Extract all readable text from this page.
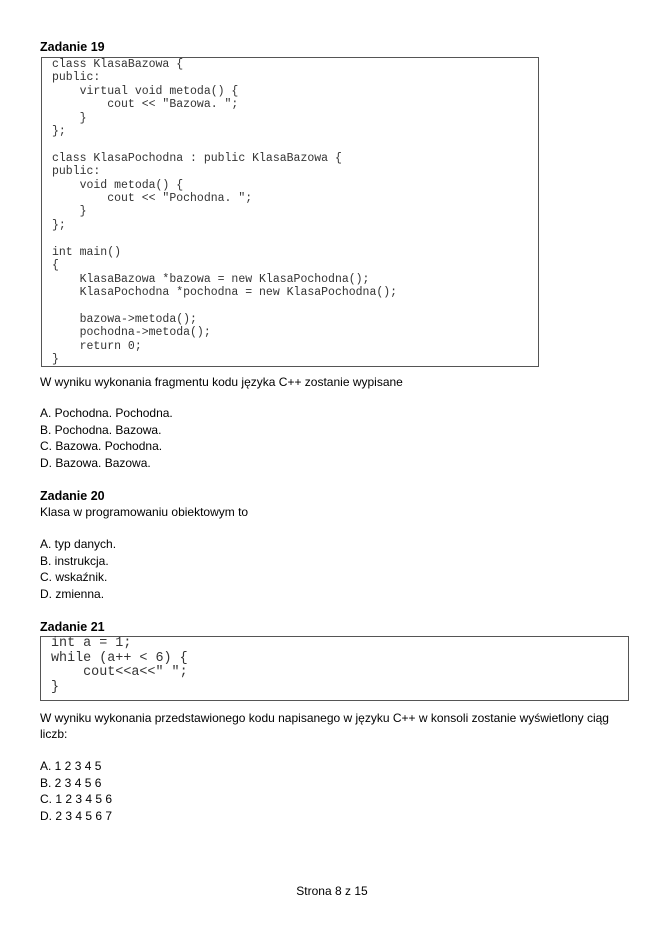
Zadanie 19
class KlasaBazowa {
public:
virtual void metoda() {
cout << "Bazowa. ";
}
};

class KlasaPochodna : public KlasaBazowa {
public:
void metoda() {
cout << "Pochodna. ";
}
};

int main()
{
KlasaBazowa *bazowa = new KlasaPochodna();
KlasaPochodna *pochodna = new KlasaPochodna();

bazowa->metoda();
pochodna->metoda();
return 0;
}
W wyniku wykonania fragmentu kodu języka C++ zostanie wypisane
A. Pochodna. Pochodna.
B. Pochodna. Bazowa.
C. Bazowa. Pochodna.
D. Bazowa. Bazowa.
Zadanie 20
Klasa w programowaniu obiektowym to
A. typ danych.
B. instrukcja.
C. wskaźnik.
D. zmienna.
Zadanie 21
int a = 1;
while (a++ < 6) {
cout<<a<<" ";
}
W wyniku wykonania przedstawionego kodu napisanego w języku C++ w konsoli zostanie wyświetlony ciąg
liczb:
A. 1 2 3 4 5
B. 2 3 4 5 6
C. 1 2 3 4 5 6
D. 2 3 4 5 6 7
Strona 8 z 15
